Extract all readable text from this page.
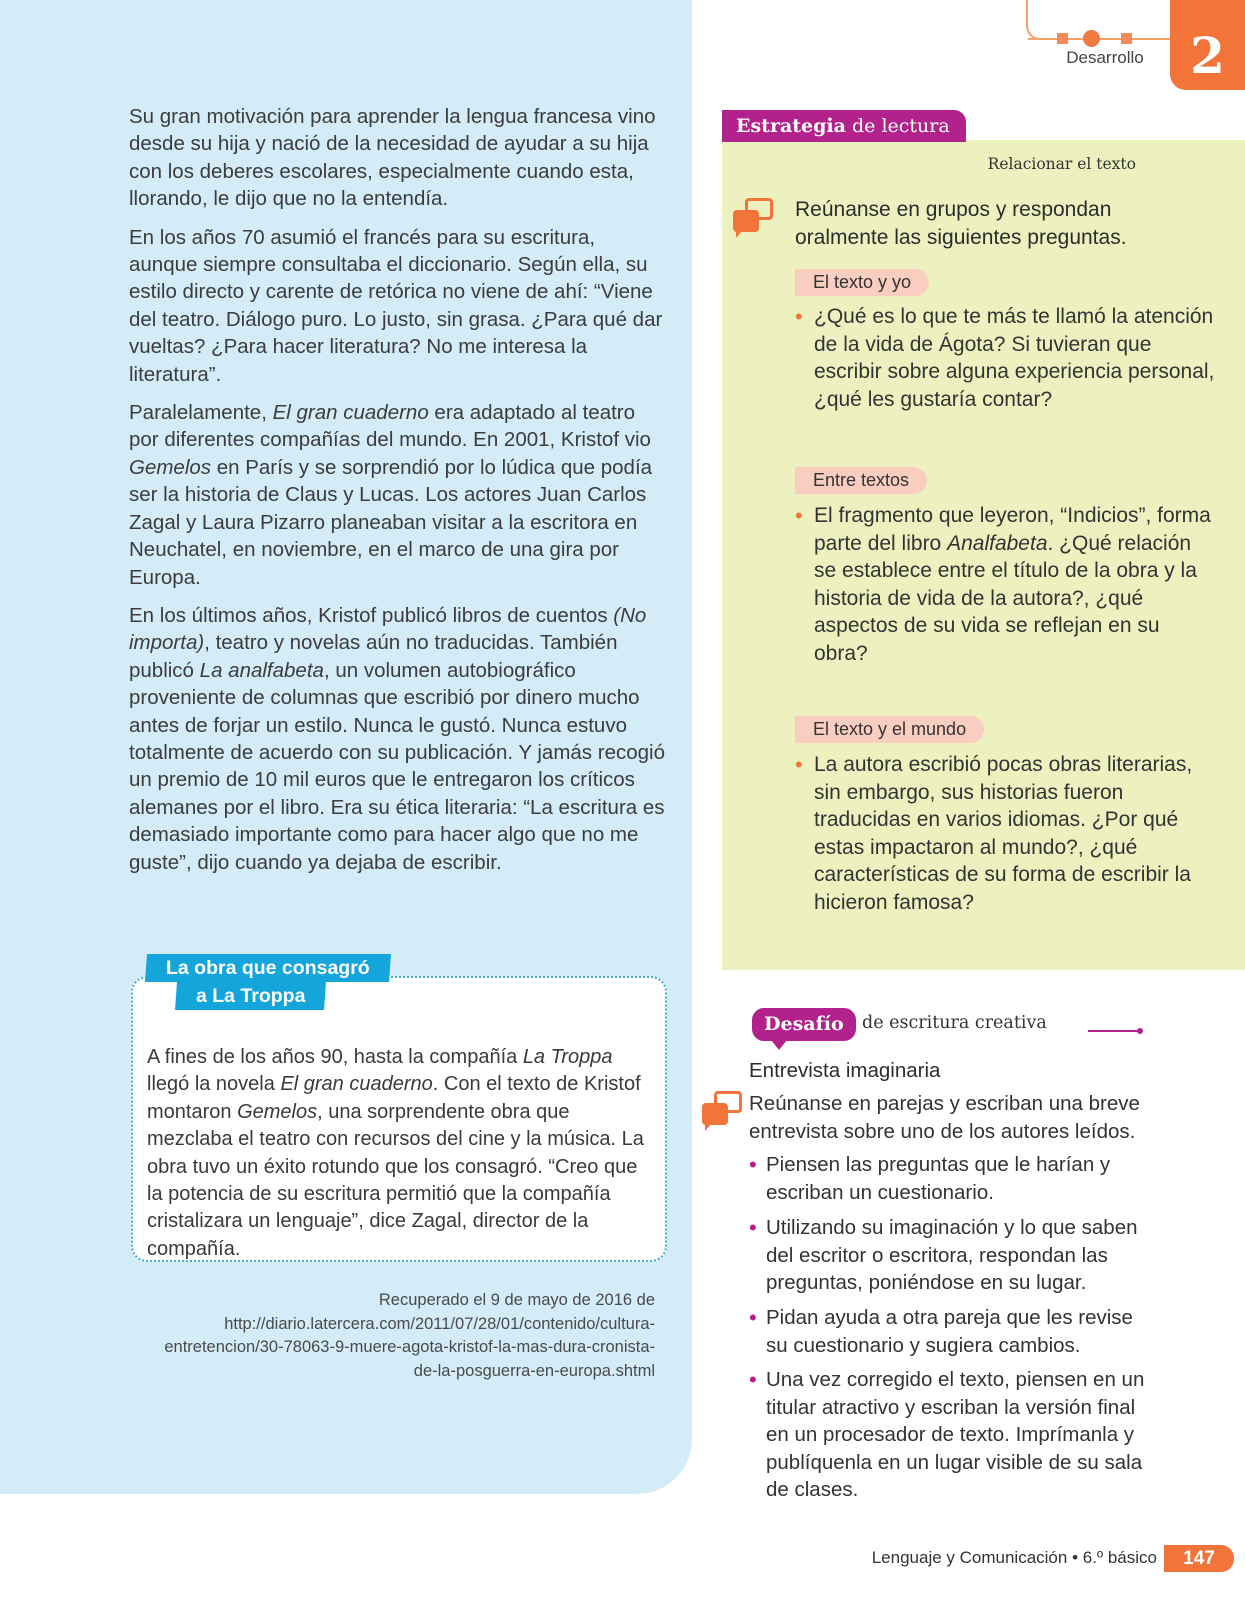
Su gran motivación para aprender la lengua francesa vino desde su hija y nació de la necesidad de ayudar a su hija con los deberes escolares, especialmente cuando esta, llorando, le dijo que no la entendía.

En los años 70 asumió el francés para su escritura, aunque siempre consultaba el diccionario. Según ella, su estilo directo y carente de retórica no viene de ahí: “Viene del teatro. Diálogo puro. Lo justo, sin grasa. ¿Para qué dar vueltas? ¿Para hacer literatura? No me interesa la literatura”.

Paralelamente, El gran cuaderno era adaptado al teatro por diferentes compañías del mundo. En 2001, Kristof vio Gemelos en París y se sorprendió por lo lúdica que podía ser la historia de Claus y Lucas. Los actores Juan Carlos Zagal y Laura Pizarro planeaban visitar a la escritora en Neuchatel, en noviembre, en el marco de una gira por Europa.

En los últimos años, Kristof publicó libros de cuentos (No importa), teatro y novelas aún no traducidas. También publicó La analfabeta, un volumen autobiográfico proveniente de columnas que escribió por dinero mucho antes de forjar un estilo. Nunca le gustó. Nunca estuvo totalmente de acuerdo con su publicación. Y jamás recogió un premio de 10 mil euros que le entregaron los críticos alemanes por el libro. Era su ética literaria: “La escritura es demasiado importante como para hacer algo que no me guste”, dijo cuando ya dejaba de escribir.

A fines de los años 90, hasta la compañía La Troppa llegó la novela El gran cuaderno. Con el texto de Kristof montaron Gemelos, una sorprendente obra que mezclaba el teatro con recursos del cine y la música. La obra tuvo un éxito rotundo que los consagró. “Creo que la potencia de su escritura permitió que la compañía cristalizara un lenguaje”, dice Zagal, director de la compañía.
La obra que consagró
a La Troppa
Recuperado el 9 de mayo de 2016 de
http://diario.latercera.com/2011/07/28/01/contenido/cultura-
entretencion/30-78063-9-muere-agota-kristof-la-mas-dura-cronista-
de-la-posguerra-en-europa.shtml
Desarrollo 2
Estrategia de lectura
Relacionar el texto
Reúnanse en grupos y respondan oralmente las siguientes preguntas.
El texto y yo
• ¿Qué es lo que te más te llamó la atención de la vida de Ágota? Si tuvieran que escribir sobre alguna experiencia personal, ¿qué les gustaría contar?
Entre textos
• El fragmento que leyeron, “Indicios”, forma parte del libro Analfabeta. ¿Qué relación se establece entre el título de la obra y la historia de vida de la autora?, ¿qué aspectos de su vida se reflejan en su obra?
El texto y el mundo
• La autora escribió pocas obras literarias, sin embargo, sus historias fueron traducidas en varios idiomas. ¿Por qué estas impactaron al mundo?, ¿qué características de su forma de escribir la hicieron famosa?
Desafío	de escritura creativa
Entrevista imaginaria
Reúnanse en parejas y escriban una breve entrevista sobre uno de los autores leídos.
• Piensen las preguntas que le harían y escriban un cuestionario.
• Utilizando su imaginación y lo que saben del escritor o escritora, respondan las preguntas, poniéndose en su lugar.
• Pidan ayuda a otra pareja que les revise su cuestionario y sugiera cambios.
• Una vez corregido el texto, piensen en un titular atractivo y escriban la versión final en un procesador de texto. Imprímanla y publíquenla en un lugar visible de su sala de clases.
Lenguaje y Comunicación • 6.º básico	147
